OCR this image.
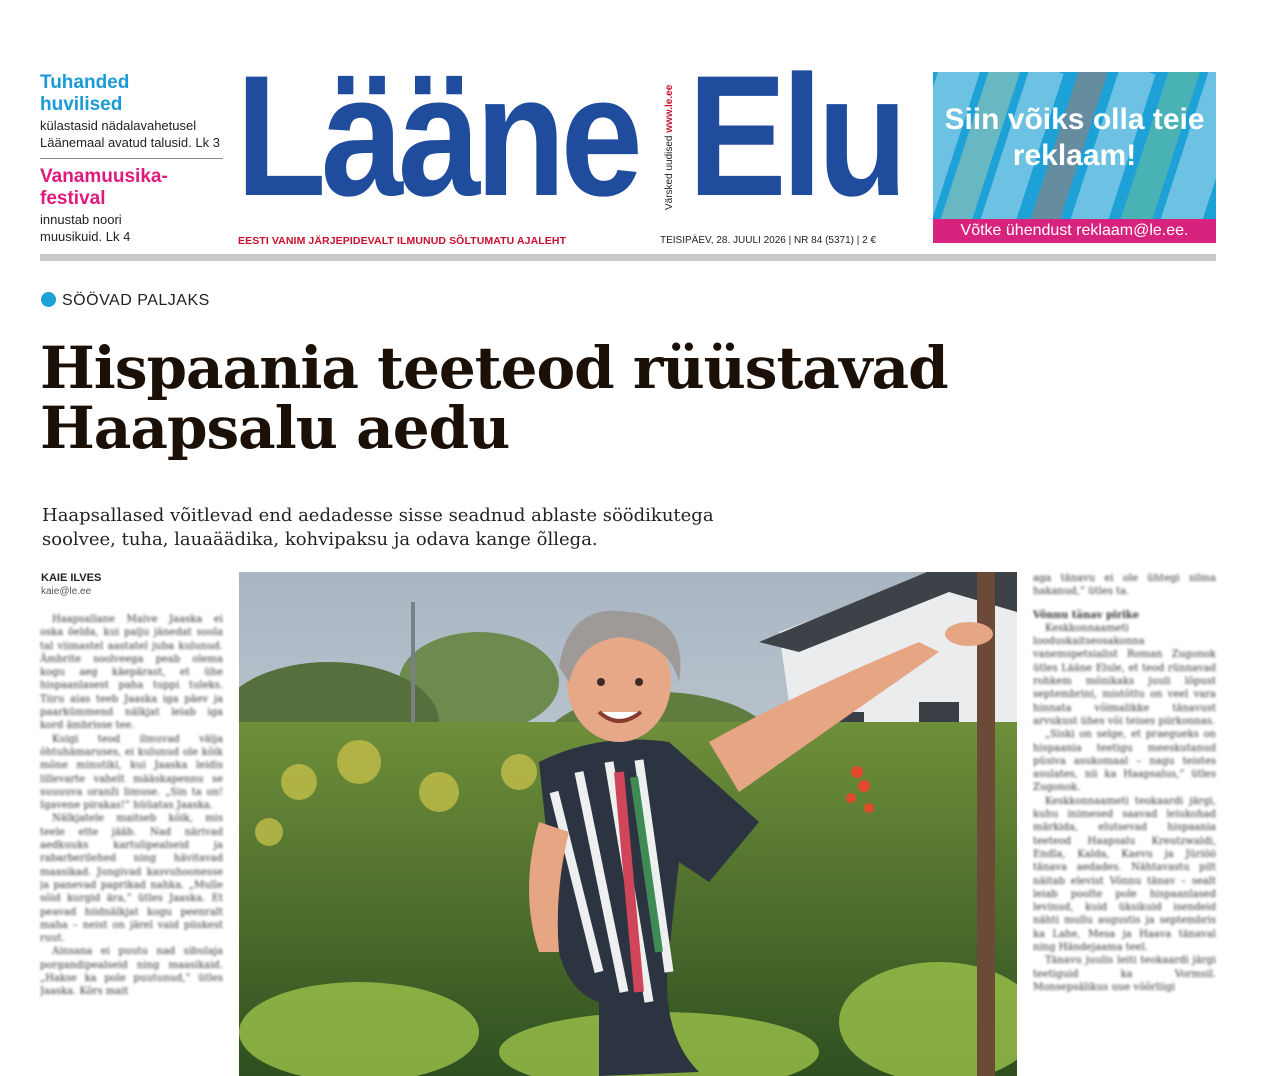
Tuhanded huvilised
külastasid nädalavahetusel Läänemaal avatud talusid. Lk 3
Vanamuusika-festival
innustab noori muusikuid. Lk 4
Lääne	Värsked uudised www.le.ee Elu
EESTI VANIM JÄRJEPIDEVALT ILMUNUD SÕLTUMATU AJALEHT	TEISIPÄEV, 28. JUULI 2026 | NR 84 (5371) | 2 €
Siin võiks olla teie reklaam!
Võtke ühendust reklaam@le.ee.
SÖÖVAD PALJAKS
Hispaania teeteod rüüstavad Haapsalu aedu
Haapsallased võitlevad end aedadesse sisse seadnud ablaste söödikutega soolvee, tuha, lauaäädika, kohvipaksu ja odava kange õllega.
KAIE ILVES
kaie@le.ee

Haapsallane Maive Jaaska ei oska öelda, kui palju jänedat soola tal viimastel aastatel juba kulunud. Ämbrite soolveega peab olema kogu aeg käepärast, et ühe hispaanlasest paha tuppi tuleks. Tiiru aias teeb Jaaska iga päev ja paarkümmend nälkjat leiab iga kord ämbrisse tee.

Kuigi teod ilmuvad välja õhtuhämaruses, ei kulunud ole kõik mõne minutiki, kui Jaaska leidis lillevarte vahelt määskapennu se suuuuva oranži limuse. „Sin ta on! Igavene pirakas!” hüüatas Jaaska.

Nälkjatele maitseb kõik, mis teele ette jääb. Nad närivad aedkuuks kartulipealseid ja rabarberilehed ning hävitavad maasikad. Jungivad kasvuhoonesse ja panevad paprikad nahka. „Mulle sõid kurgid ära,” ütles Jaaska. Et peavad hiidnälkjat kogu peenralt maha – neist on järel vaid piiskest ruut.

Ainsana ei puutu nad sibulaja porgandipealseid ning maasikaid. „Hakse ka pole puutunud,” ütles Jaaska. Kõrs mait

aga tänavu ei ole ühtegi silma hakanud,” ütles ta.

Võnnu tänav pirike

Keskkonnaameti looduskaitseosakonna vanemspetsialist Roman Zugonok ütles Lääne Elule, et teod rünnavad rohkem mõnikaks juuli lõpust septembrini, mistõttu on veel vara hinnata võimalikke tänavust arvukust ühes või teises piirkonnas.

„Siski on selge, et praegueks on hispaania teetigu meeskutanud püsiva asukomaal – nagu teistes asulates, nii ka Haapsalus,” ütles Zugonok.

Keskkonnaameti teokaardi järgi, kuhu inimesed saavad leiukohad märkida, elutsevad hispaania teeteod Haapsalu Kreutzwaldi, Endla, Kalda, Kaevu ja Jüriöö tänava aedades. Nähtavastu pilt näitab elevist Võnnu tänav – sealt leiab poolte pole hispaanlased levinud, kuid üksikuid isendeid nähti mullu augustis ja septembris ka Lahe, Mesa ja Haava tänaval ning Händejaama teel.

Tänavu juulis leiti teokaardi järgi teetiguid ka Vormsil. Monsepsälikus uue võõrliigi
